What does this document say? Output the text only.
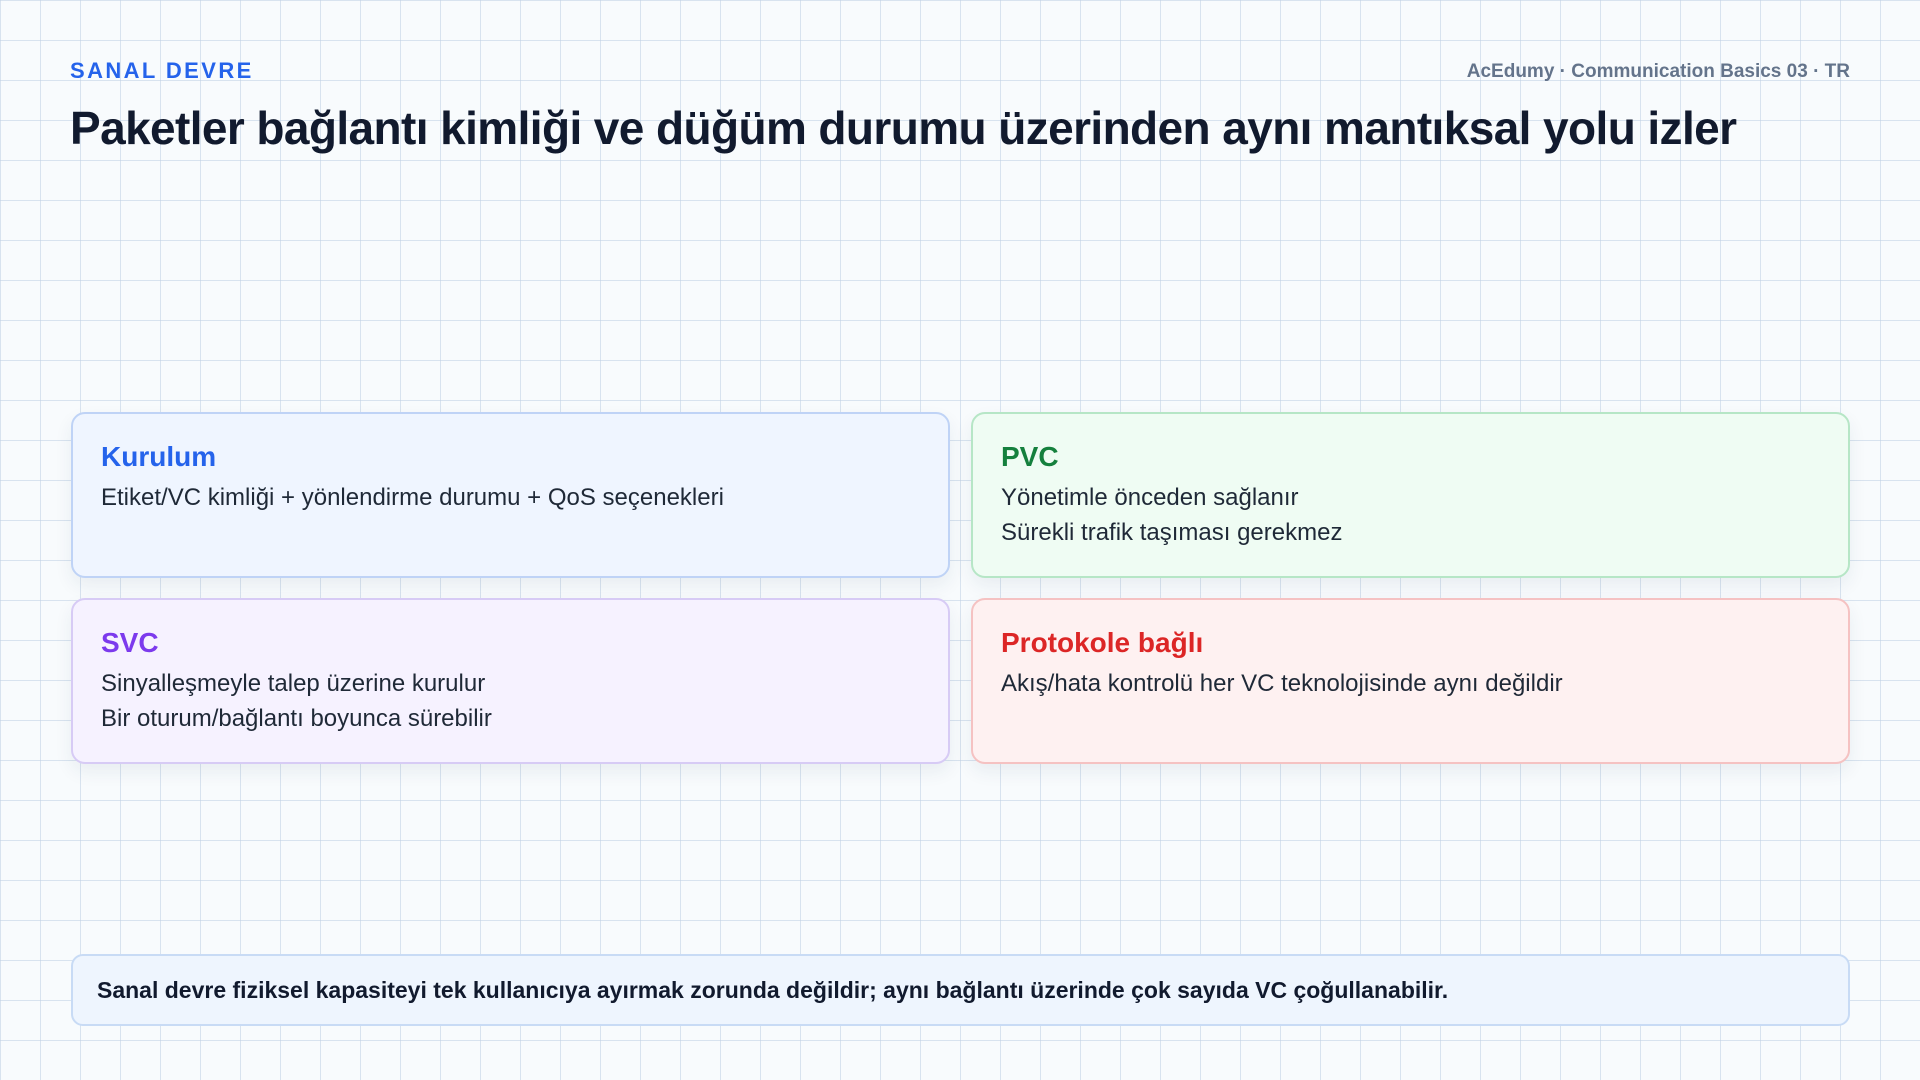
SANAL DEVRE	AcEdumy · Communication Basics 03 · TR
Paketler bağlantı kimliği ve düğüm durumu üzerinden aynı mantıksal yolu izler
Kurulum
Etiket/VC kimliği + yönlendirme durumu + QoS seçenekleri
PVC
Yönetimle önceden sağlanır
Sürekli trafik taşıması gerekmez
SVC
Sinyalleşmeyle talep üzerine kurulur
Bir oturum/bağlantı boyunca sürebilir
Protokole bağlı
Akış/hata kontrolü her VC teknolojisinde aynı değildir
Sanal devre fiziksel kapasiteyi tek kullanıcıya ayırmak zorunda değildir; aynı bağlantı üzerinde çok sayıda VC çoğullanabilir.
